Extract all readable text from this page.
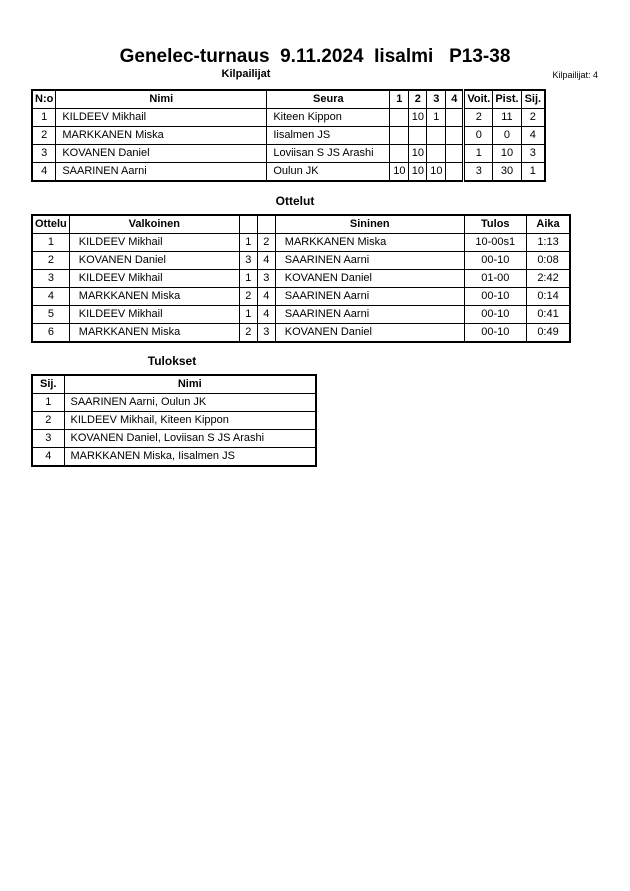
Genelec-turnaus  9.11.2024  Iisalmi   P13-38
Kilpailijat	Kilpailijat: 4
N:o	Nimi	Seura	1	2	3	4	Voit.	Pist.	Sij.
1	KILDEEV Mikhail	Kiteen Kippon		10	1		2	11	2
2	MARKKANEN Miska	Iisalmen JS					0	0	4
3	KOVANEN Daniel	Loviisan S JS Arashi		10			1	10	3
4	SAARINEN Aarni	Oulun JK	10	10	10		3	30	1
Ottelut
Ottelu	Valkoinen			Sininen	Tulos	Aika
1	KILDEEV Mikhail	1	2	MARKKANEN Miska	10-00s1	1:13
2	KOVANEN Daniel	3	4	SAARINEN Aarni	00-10	0:08
3	KILDEEV Mikhail	1	3	KOVANEN Daniel	01-00	2:42
4	MARKKANEN Miska	2	4	SAARINEN Aarni	00-10	0:14
5	KILDEEV Mikhail	1	4	SAARINEN Aarni	00-10	0:41
6	MARKKANEN Miska	2	3	KOVANEN Daniel	00-10	0:49
Tulokset
Sij.	Nimi
1	SAARINEN Aarni, Oulun JK
2	KILDEEV Mikhail, Kiteen Kippon
3	KOVANEN Daniel, Loviisan S JS Arashi
4	MARKKANEN Miska, Iisalmen JS
